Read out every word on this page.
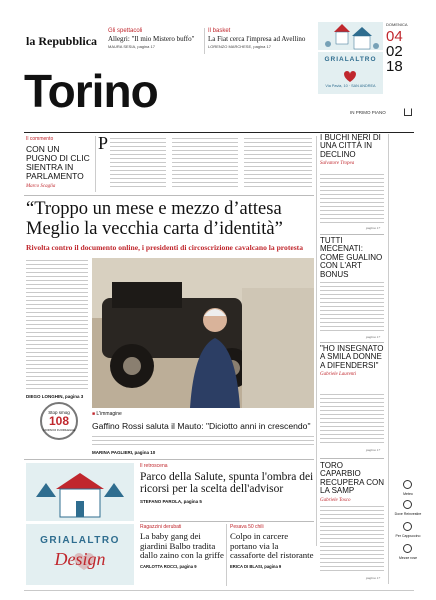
la Repubblica
Gli spettacoli
Allegri: "Il mio Mistero buffo"
MAURA SESIA, pagina 17
Il basket
La Fiat cerca l'impresa ad Avellino
LORENZO MARCHESE, pagina 17
Torino
GRIALALTRO
Via Pavia, 10 · SAN ANDREA
DOMENICA
04
02
18
IN PRIMO PIANO
Il commento
CON UN PUGNO DI CLIC SIENTRA IN PARLAMENTO
Marco Scaglia
P
“Troppo un mese e mezzo d’attesa Meglio la vecchia carta d’identità”
Rivolta contro il documento online, i presidenti di circoscrizione cavalcano la protesta
DIEGO LONGHIN, pagina 3
Stop smog
108
GIORNI DI FUORILEGGE
■ L'immagine
Gaffino Rossi saluta il Mauto: "Diciotto anni in crescendo"
MARINA PAGLIERI, pagina 10
GRIALALTRO
Design
Il retroscena
Parco della Salute, spunta l'ombra dei ricorsi per la scelta dell'advisor
STEFANO PAROLA, pagina 5
Ragazzini derubati
La baby gang dei giardini Balbo tradita dallo zaino con la griffe
CARLOTTA ROCCI, pagina 9
Pesava 50 chili
Colpo in carcere portano via la cassaforte del ristorante
ERICA DI BLASI, pagina 9
I BUCHI NERI DI UNA CITTÀ IN DECLINO
Salvatore Tropea
pagina 17
TUTTI MECENATI: COME GUALINO CON L'ART BONUS
pagina 17
"HO INSEGNATO A SMILA DONNE A DIFENDERSI"
Gabriele Laurenti
pagina 17
TORO CAPARBIO RECUPERA CON LA SAMP
Gabriele Tosco
pagina 17
Meteo
Dove Reinvestire
Per Cappuccino
Mezze rose
